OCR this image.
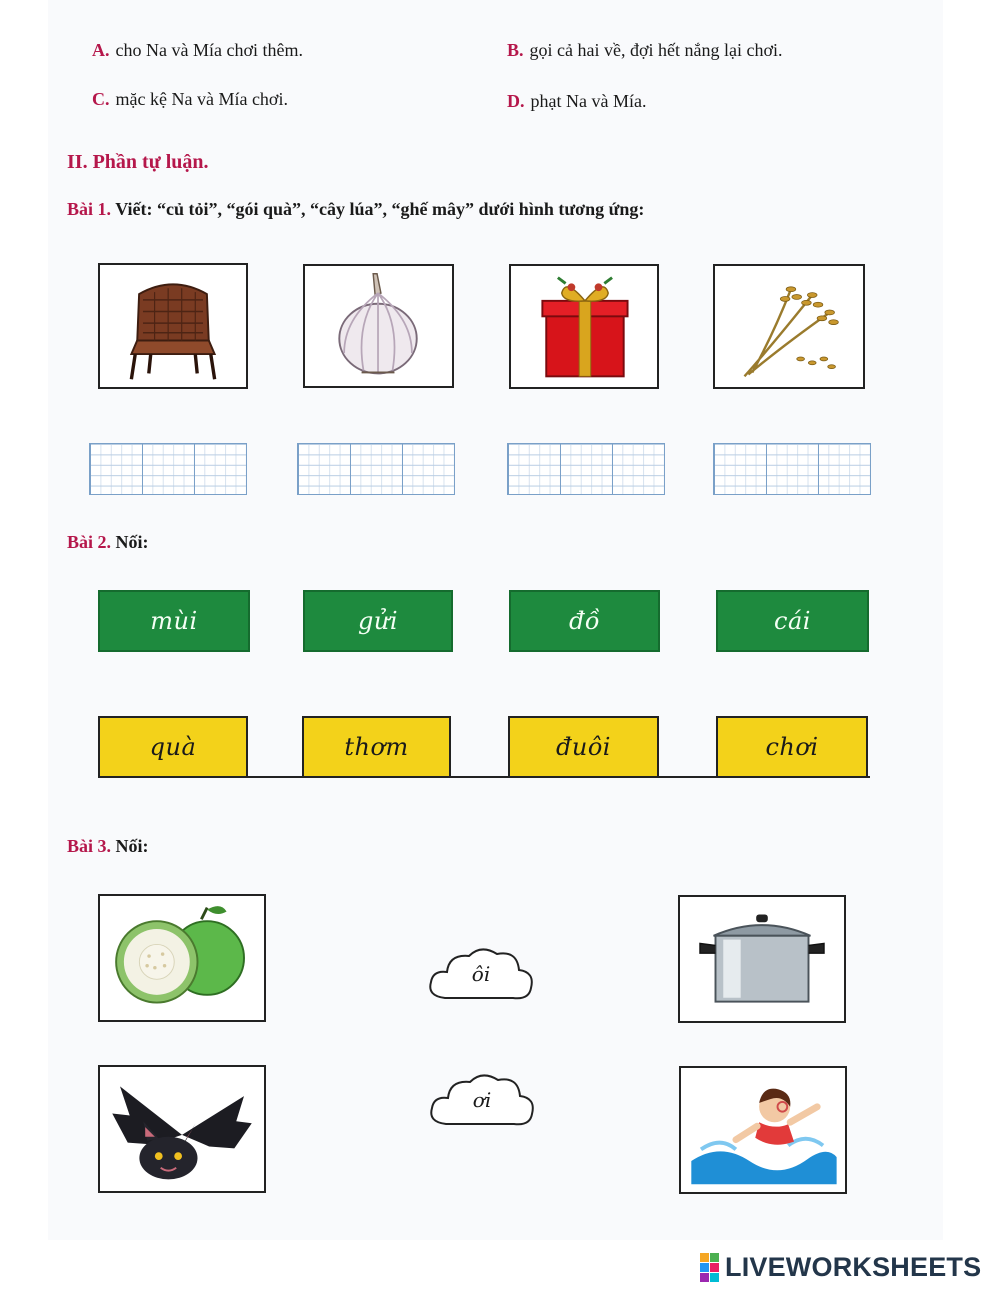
A. cho Na và Mía chơi thêm.	B. gọi cả hai về, đợi hết nắng lại chơi.
C. mặc kệ Na và Mía chơi.	D. phạt Na và Mía.
II. Phần tự luận.
Bài 1. Viết: “củ tỏi”, “gói quà”, “cây lúa”, “ghế mây” dưới hình tương ứng:
Bài 2. Nối:
mùi	gửi	đồ	cái
quà	thơm	đuôi	chơi
Bài 3. Nối:
ôi
ơi
LIVEWORKSHEETS
